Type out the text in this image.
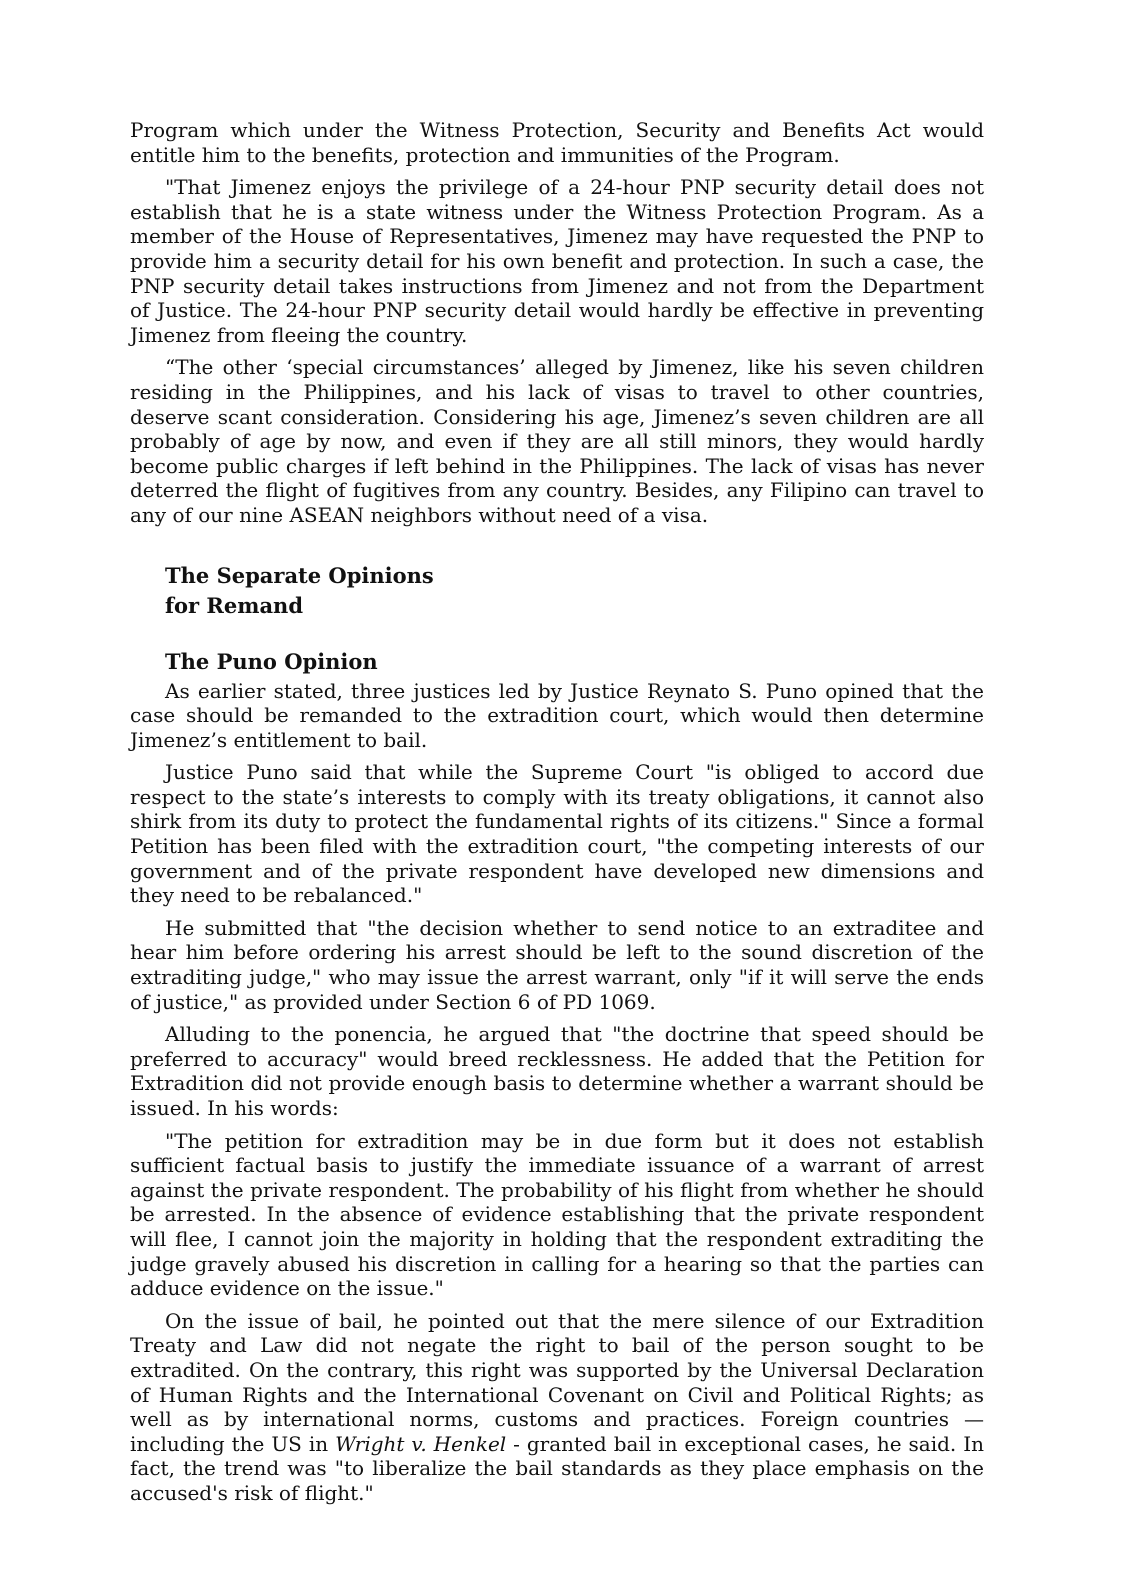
Program which under the Witness Protection, Security and Benefits Act would entitle him to the benefits, protection and immunities of the Program.

"That Jimenez enjoys the privilege of a 24-hour PNP security detail does not establish that he is a state witness under the Witness Protection Program. As a member of the House of Representatives, Jimenez may have requested the PNP to provide him a security detail for his own benefit and protection. In such a case, the PNP security detail takes instructions from Jimenez and not from the Department of Justice. The 24-hour PNP security detail would hardly be effective in preventing Jimenez from fleeing the country.

“The other ‘special circumstances’ alleged by Jimenez, like his seven children residing in the Philippines, and his lack of visas to travel to other countries, deserve scant consideration. Considering his age, Jimenez’s seven children are all probably of age by now, and even if they are all still minors, they would hardly become public charges if left behind in the Philippines. The lack of visas has never deterred the flight of fugitives from any country. Besides, any Filipino can travel to any of our nine ASEAN neighbors without need of a visa.

The Separate Opinions
for Remand
The Puno Opinion

As earlier stated, three justices led by Justice Reynato S. Puno opined that the case should be remanded to the extradition court, which would then determine Jimenez’s entitlement to bail.

Justice Puno said that while the Supreme Court "is obliged to accord due respect to the state’s interests to comply with its treaty obligations, it cannot also shirk from its duty to protect the fundamental rights of its citizens." Since a formal Petition has been filed with the extradition court, "the competing interests of our government and of the private respondent have developed new dimensions and they need to be rebalanced."

He submitted that "the decision whether to send notice to an extraditee and hear him before ordering his arrest should be left to the sound discretion of the extraditing judge," who may issue the arrest warrant, only "if it will serve the ends of justice," as provided under Section 6 of PD 1069.

Alluding to the ponencia, he argued that "the doctrine that speed should be preferred to accuracy" would breed recklessness. He added that the Petition for Extradition did not provide enough basis to determine whether a warrant should be issued. In his words:

"The petition for extradition may be in due form but it does not establish sufficient factual basis to justify the immediate issuance of a warrant of arrest against the private respondent. The probability of his flight from whether he should be arrested. In the absence of evidence establishing that the private respondent will flee, I cannot join the majority in holding that the respondent extraditing the judge gravely abused his discretion in calling for a hearing so that the parties can adduce evidence on the issue."

On the issue of bail, he pointed out that the mere silence of our Extradition Treaty and Law did not negate the right to bail of the person sought to be extradited. On the contrary, this right was supported by the Universal Declaration of Human Rights and the International Covenant on Civil and Political Rights; as well as by international norms, customs and practices. Foreign countries — including the US in Wright v. Henkel - granted bail in exceptional cases, he said. In fact, the trend was "to liberalize the bail standards as they place emphasis on the accused's risk of flight."
